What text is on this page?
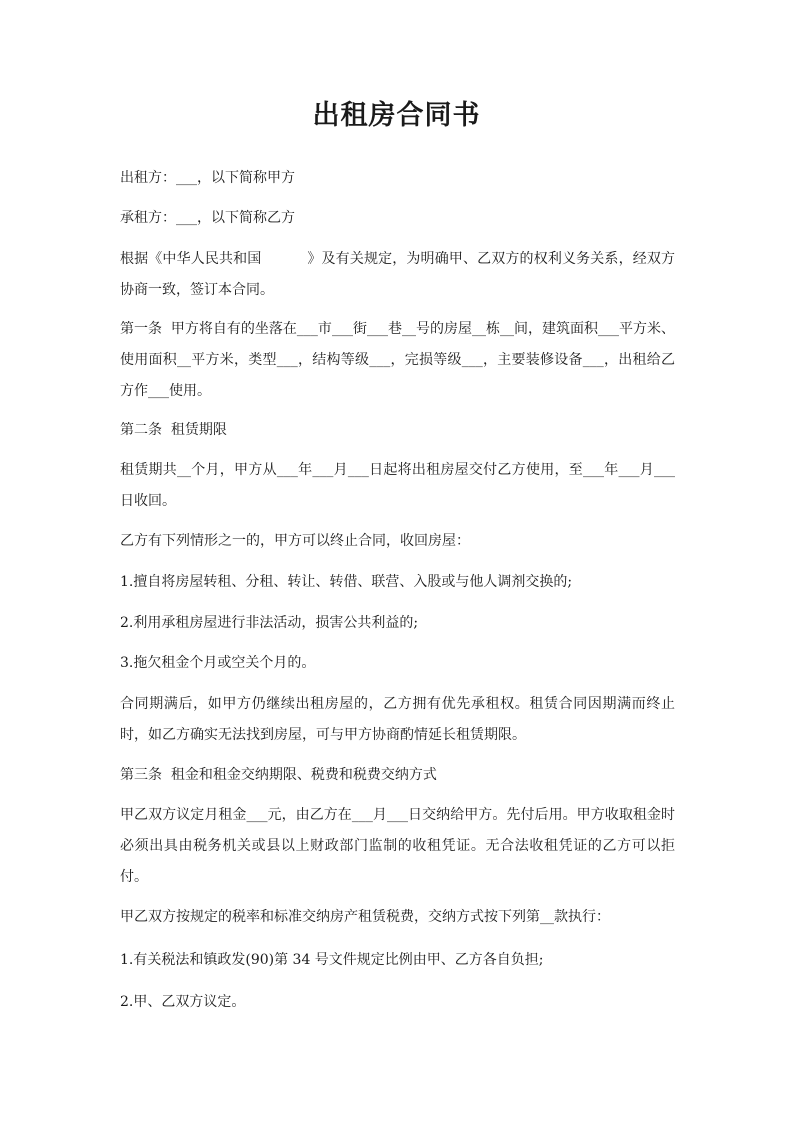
出租房合同书
出租方：___，以下简称甲方
承租方：___，以下简称乙方
根据《中华人民共和国          》及有关规定，为明确甲、乙双方的权利义务关系，经双方协商一致，签订本合同。
第一条  甲方将自有的坐落在___市___街___巷__号的房屋__栋__间，建筑面积___平方米、使用面积__平方米，类型___，结构等级___，完损等级___，主要装修设备___，出租给乙方作___使用。
第二条  租赁期限
租赁期共__个月，甲方从___年___月___日起将出租房屋交付乙方使用，至___年___月___日收回。
乙方有下列情形之一的，甲方可以终止合同，收回房屋：
1.擅自将房屋转租、分租、转让、转借、联营、入股或与他人调剂交换的;
2.利用承租房屋进行非法活动，损害公共利益的;
3.拖欠租金个月或空关个月的。
合同期满后，如甲方仍继续出租房屋的，乙方拥有优先承租权。租赁合同因期满而终止时，如乙方确实无法找到房屋，可与甲方协商酌情延长租赁期限。
第三条  租金和租金交纳期限、税费和税费交纳方式
甲乙双方议定月租金___元，由乙方在___月___日交纳给甲方。先付后用。甲方收取租金时必须出具由税务机关或县以上财政部门监制的收租凭证。无合法收租凭证的乙方可以拒付。
甲乙双方按规定的税率和标准交纳房产租赁税费，交纳方式按下列第__款执行：
1.有关税法和镇政发(90)第 34 号文件规定比例由甲、乙方各自负担;
2.甲、乙双方议定。
